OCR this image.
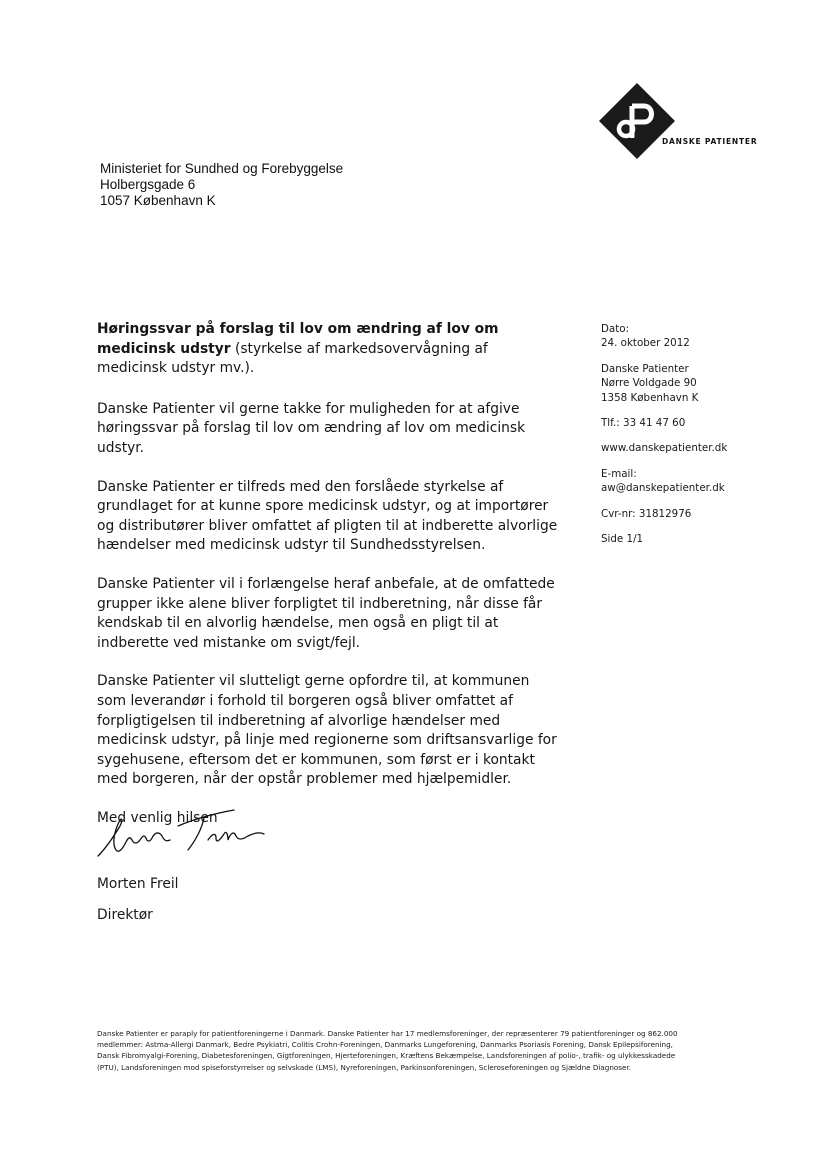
DANSKE PATIENTER
Ministeriet for Sundhed og Forebyggelse
Holbergsgade 6
1057 København K

Høringssvar på forslag til lov om ændring af lov om medicinsk udstyr (styrkelse af markedsovervågning af medicinsk udstyr mv.).

Danske Patienter vil gerne takke for muligheden for at afgive høringssvar på forslag til lov om ændring af lov om medicinsk udstyr.

Danske Patienter er tilfreds med den forslåede styrkelse af grundlaget for at kunne spore medicinsk udstyr, og at importører og distributører bliver omfattet af pligten til at indberette alvorlige hændelser med medicinsk udstyr til Sundhedsstyrelsen.

Danske Patienter vil i forlængelse heraf anbefale, at de omfattede grupper ikke alene bliver forpligtet til indberetning, når disse får kendskab til en alvorlig hændelse, men også en pligt til at indberette ved mistanke om svigt/fejl.

Danske Patienter vil slutteligt gerne opfordre til, at kommunen som leverandør i forhold til borgeren også bliver omfattet af forpligtigelsen til indberetning af alvorlige hændelser med medicinsk udstyr, på linje med regionerne som driftsansvarlige for sygehusene, eftersom det er kommunen, som først er i kontakt med borgeren, når der opstår problemer med hjælpemidler.

Med venlig hilsen

Morten Freil
Direktør
Dato:
24. oktober 2012
Danske Patienter
Nørre Voldgade 90
1358 København K
Tlf.: 33 41 47 60
www.danskepatienter.dk
E-mail:
aw@danskepatienter.dk
Cvr-nr: 31812976
Side 1/1
Danske Patienter er paraply for patientforeningerne i Danmark. Danske Patienter har 17 medlemsforeninger, der repræsenterer 79 patientforeninger og 862.000
medlemmer: Astma-Allergi Danmark, Bedre Psykiatri, Colitis Crohn-Foreningen, Danmarks Lungeforening, Danmarks Psoriasis Forening, Dansk Epilepsiforening,
Dansk Fibromyalgi-Forening, Diabetesforeningen, Gigtforeningen, Hjerteforeningen, Kræftens Bekæmpelse, Landsforeningen af polio-, trafik- og ulykkesskadede
(PTU), Landsforeningen mod spiseforstyrrelser og selvskade (LMS), Nyreforeningen, Parkinsonforeningen, Scleroseforeningen og Sjældne Diagnoser.
